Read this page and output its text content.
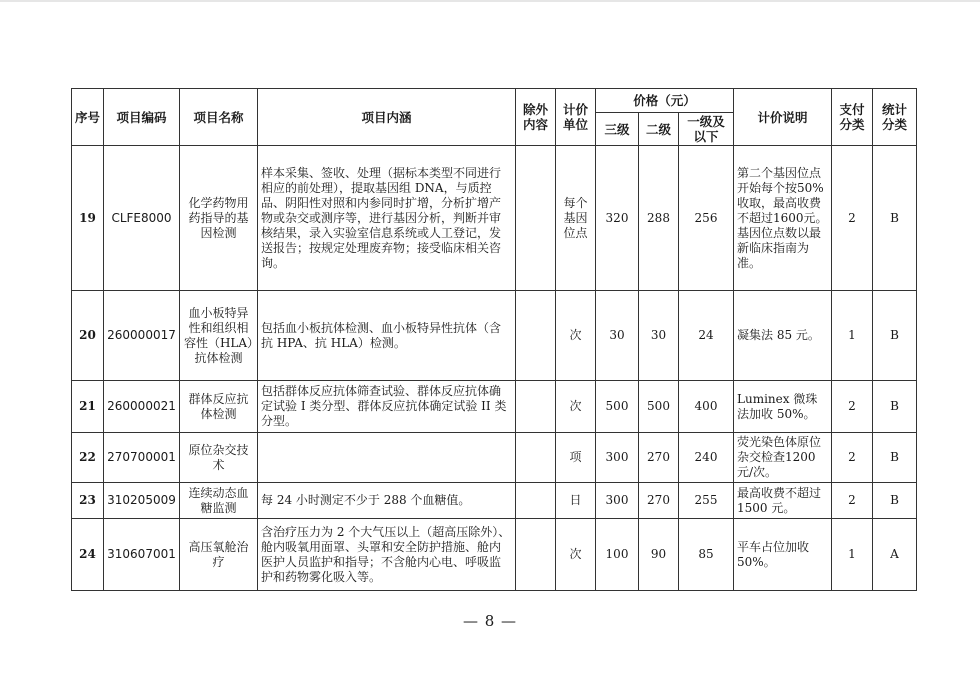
序号	项目编码	项目名称	项目内涵	除外内容	计价单位	价格（元）			计价说明	支付分类	统计分类
						三级	二级	一级及以下			
19	CLFE8000	化学药物用药指导的基因检测	样本采集、签收、处理（据标本类型不同进行相应的前处理），提取基因组 DNA，与质控品、阴阳性对照和内参同时扩增，分析扩增产物或杂交或测序等，进行基因分析，判断并审核结果，录入实验室信息系统或人工登记，发送报告；按规定处理废弃物；接受临床相关咨询。		每个基因位点	320	288	256	第二个基因位点开始每个按50%收取，最高收费不超过1600元。基因位点数以最新临床指南为准。	2	B
20	260000017	血小板特异性和组织相容性（HLA）抗体检测	包括血小板抗体检测、血小板特异性抗体（含抗 HPA、抗 HLA）检测。		次	30	30	24	凝集法 85 元。	1	B
21	260000021	群体反应抗体检测	包括群体反应抗体筛查试验、群体反应抗体确定试验 I 类分型、群体反应抗体确定试验 II 类分型。		次	500	500	400	Luminex 微珠法加收 50%。	2	B
22	270700001	原位杂交技术			项	300	270	240	荧光染色体原位杂交检查1200 元/次。	2	B
23	310205009	连续动态血糖监测	每 24 小时测定不少于 288 个血糖值。		日	300	270	255	最高收费不超过 1500 元。	2	B
24	310607001	高压氧舱治疗	含治疗压力为 2 个大气压以上（超高压除外）、舱内吸氧用面罩、头罩和安全防护措施、舱内医护人员监护和指导；不含舱内心电、呼吸监护和药物雾化吸入等。		次	100	90	85	平车占位加收50%。	1	A
— 8 —
